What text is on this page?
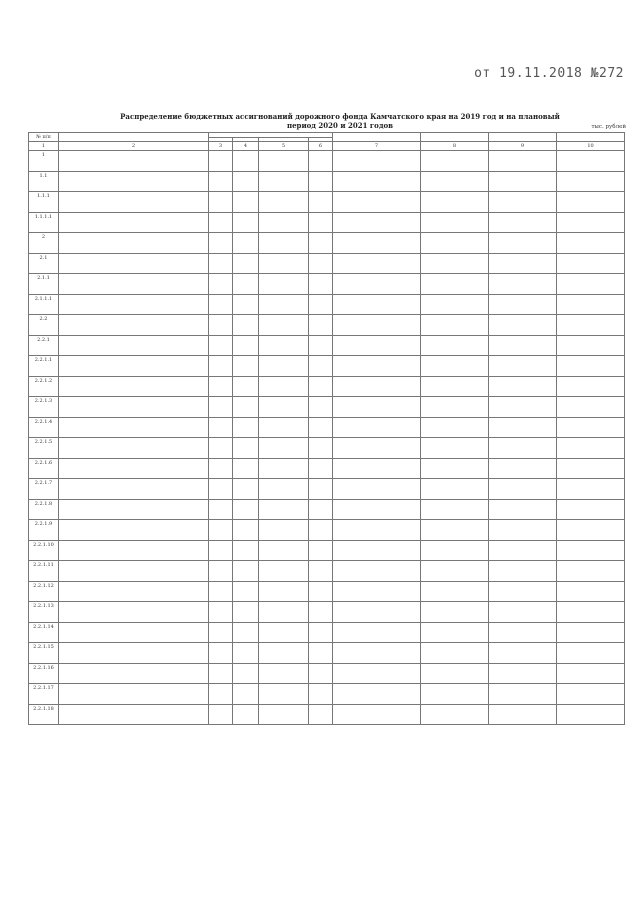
от 19.11.2018 №272
Распределение бюджетных ассигнований дорожного фонда Камчатского края на 2019 год и на плановый период 2020 и 2021 годов	тыс. рублей
№ п/п									

1	2	3	4	5	6	7	8	9	10
1									
1.1									
1.1.1									
1.1.1.1									
2									
2.1									
2.1.1									
2.1.1.1									
2.2									
2.2.1									
2.2.1.1									
2.2.1.2									
2.2.1.3									
2.2.1.4									
2.2.1.5									
2.2.1.6									
2.2.1.7									
2.2.1.8									
2.2.1.9									
2.2.1.10									
2.2.1.11									
2.2.1.12									
2.2.1.13									
2.2.1.14									
2.2.1.15									
2.2.1.16									
2.2.1.17									
2.2.1.18									
